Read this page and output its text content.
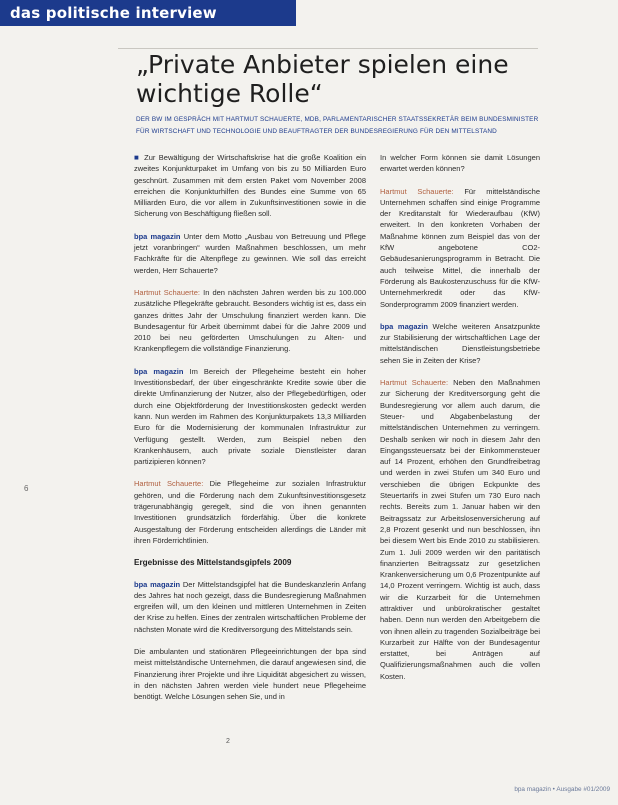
das politische interview
„Private Anbieter spielen eine wichtige Rolle“
DER BW IM GESPRÄCH MIT HARTMUT SCHAUERTE, MDB, PARLAMENTARISCHER STAATSSEKRETÄR BEIM BUNDESMINISTER FÜR WIRTSCHAFT UND TECHNOLOGIE UND BEAUFTRAGTER DER BUNDESREGIERUNG FÜR DEN MITTELSTAND

■ Zur Bewältigung der Wirtschaftskrise hat die große Koalition ein zweites Konjunkturpaket im Umfang von bis zu 50 Milliarden Euro geschnürt. Zusammen mit dem ersten Paket vom November 2008 erreichen die Konjunkturhilfen des Bundes eine Summe von 65 Milliarden Euro, die vor allem in Zukunftsinvestitionen sowie in die Sicherung von Beschäftigung fließen soll.

bpa magazin Unter dem Motto „Ausbau von Betreuung und Pflege jetzt voranbringen“ wurden Maßnahmen beschlossen, um mehr Fachkräfte für die Altenpflege zu gewinnen. Wie soll das erreicht werden, Herr Schauerte?

Hartmut Schauerte: In den nächsten Jahren werden bis zu 100.000 zusätzliche Pflegekräfte gebraucht. Besonders wichtig ist es, dass ein ganzes drittes Jahr der Umschulung finanziert werden kann. Die Bundesagentur für Arbeit übernimmt dabei für die Jahre 2009 und 2010 bei neu geförderten Umschulungen zu Alten- und Krankenpflegern die vollständige Finanzierung.

bpa magazin Im Bereich der Pflegeheime besteht ein hoher Investitionsbedarf, der über eingeschränkte Kredite sowie über die direkte Umfinanzierung der Nutzer, also der Pflegebedürftigen, oder durch eine Objektförderung der Investitionskosten gedeckt werden kann. Nun werden im Rahmen des Konjunkturpakets 13,3 Milliarden Euro für die Modernisierung der kommunalen Infrastruktur zur Verfügung gestellt. Werden, zum Beispiel neben den Krankenhäusern, auch private soziale Dienstleister daran partizipieren können?

Hartmut Schauerte: Die Pflegeheime zur sozialen Infrastruktur gehören, und die Förderung nach dem Zukunftsinvestitionsgesetz trägerunabhängig geregelt, sind die von ihnen genannten Investitionen grundsätzlich förderfähig. Über die konkrete Ausgestaltung der Förderung entscheiden allerdings die Länder mit ihren Förderrichtlinien.

Ergebnisse des Mittelstandsgipfels 2009

bpa magazin Der Mittelstandsgipfel hat die Bundeskanzlerin Anfang des Jahres hat noch gezeigt, dass die Bundesregierung Maßnahmen ergreifen will, um den kleinen und mittleren Unternehmen in Zeiten der Krise zu helfen. Eines der zentralen wirtschaftlichen Probleme der nächsten Monate wird die Kreditversorgung des Mittelstands sein.

Die ambulanten und stationären Pflegeeinrichtungen der bpa sind meist mittelständische Unternehmen, die darauf angewiesen sind, die Finanzierung ihrer Projekte und ihre Liquidität abgesichert zu wissen, in den nächsten Jahren werden viele hundert neue Pflegeheime benötigt. Welche Lösungen sehen Sie, und in

In welcher Form können sie damit Lösungen erwartet werden können?

Hartmut Schauerte: Für mittelständische Unternehmen schaffen sind einige Programme der Kreditanstalt für Wiederaufbau (KfW) erweitert. In den konkreten Vorhaben der Maßnahme können zum Beispiel das von der KfW angebotene CO2-Gebäudesanierungsprogramm in Betracht. Die auch teilweise Mittel, die innerhalb der Förderung als Baukostenzuschuss für die KfW-Unternehmerkredit oder das KfW-Sonderprogramm 2009 finanziert werden.

bpa magazin Welche weiteren Ansatzpunkte zur Stabilisierung der wirtschaftlichen Lage der mittelständischen Dienstleistungsbetriebe sehen Sie in Zeiten der Krise?

Hartmut Schauerte: Neben den Maßnahmen zur Sicherung der Kreditversorgung geht die Bundesregierung vor allem auch darum, die Steuer- und Abgabenbelastung der mittelständischen Unternehmen zu verringern. Deshalb senken wir noch in diesem Jahr den Eingangssteuersatz bei der Einkommensteuer auf 14 Prozent, erhöhen den Grundfreibetrag und werden in zwei Stufen um 340 Euro und verschieben die übrigen Eckpunkte des Steuertarifs in zwei Stufen um 730 Euro nach rechts. Bereits zum 1. Januar haben wir den Beitragssatz zur Arbeitslosenversicherung auf 2,8 Prozent gesenkt und nun beschlossen, ihn bei diesem Wert bis Ende 2010 zu stabilisieren. Zum 1. Juli 2009 werden wir den paritätisch finanzierten Beitragssatz zur gesetzlichen Krankenversicherung um 0,6 Prozentpunkte auf 14,0 Prozent verringern. Wichtig ist auch, dass wir die Kurzarbeit für die Unternehmen attraktiver und unbürokratischer gestaltet haben. Denn nun werden den Arbeitgebern die von ihnen allein zu tragenden Sozialbeiträge bei Kurzarbeit zur Hälfte von der Bundesagentur erstattet, bei Anträgen auf Qualifizierungsmaßnahmen auch die vollen Kosten.

6
2
bpa magazin • Ausgabe #01/2009
